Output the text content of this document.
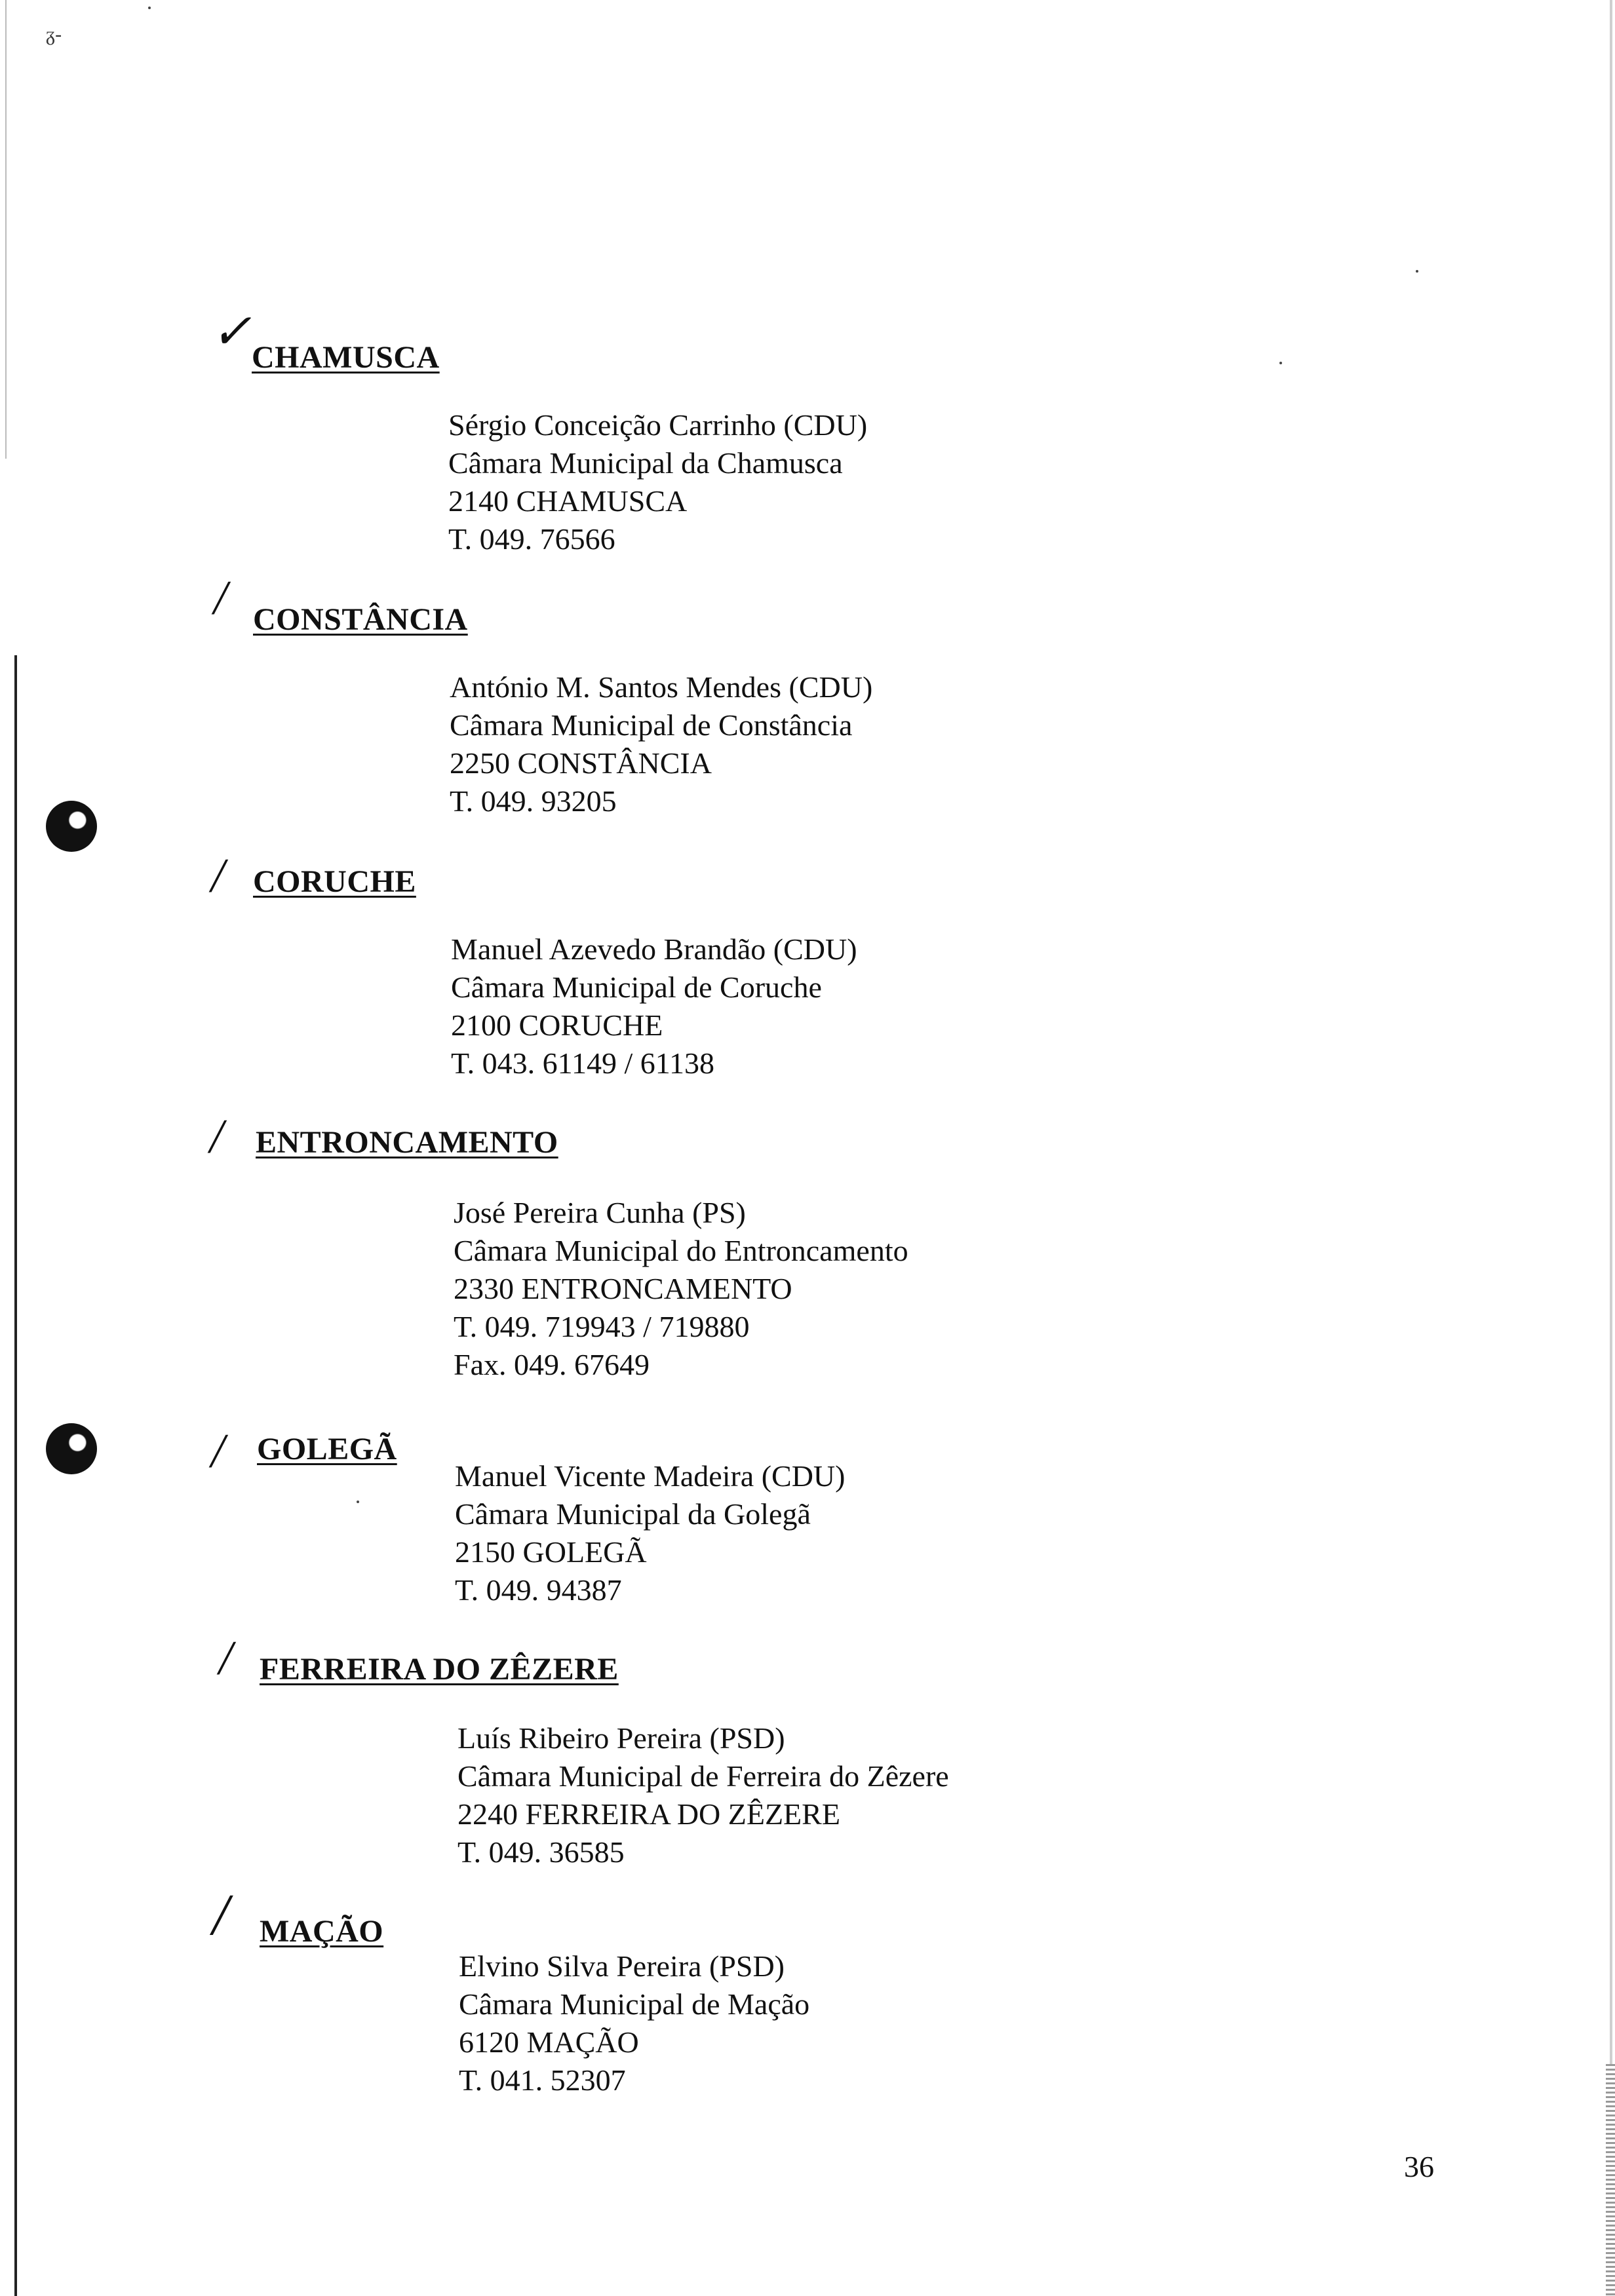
ᵹ-
✓ CHAMUSCA
Sérgio Conceição Carrinho (CDU)
Câmara Municipal da Chamusca
2140 CHAMUSCA
T. 049. 76566
/ CONSTÂNCIA
António M. Santos Mendes (CDU)
Câmara Municipal de Constância
2250 CONSTÂNCIA
T. 049. 93205
/ CORUCHE
Manuel Azevedo Brandão (CDU)
Câmara Municipal de Coruche
2100 CORUCHE
T. 043. 61149 / 61138
/ ENTRONCAMENTO
José Pereira Cunha (PS)
Câmara Municipal do Entroncamento
2330 ENTRONCAMENTO
T. 049. 719943 / 719880
Fax. 049. 67649
/ GOLEGÃ
Manuel Vicente Madeira (CDU)
Câmara Municipal da Golegã
2150 GOLEGÃ
T. 049. 94387
/ FERREIRA DO ZÊZERE
Luís Ribeiro Pereira (PSD)
Câmara Municipal de Ferreira do Zêzere
2240 FERREIRA DO ZÊZERE
T. 049. 36585
/ MAÇÃO
Elvino Silva Pereira (PSD)
Câmara Municipal de Mação
6120 MAÇÃO
T. 041. 52307
36
